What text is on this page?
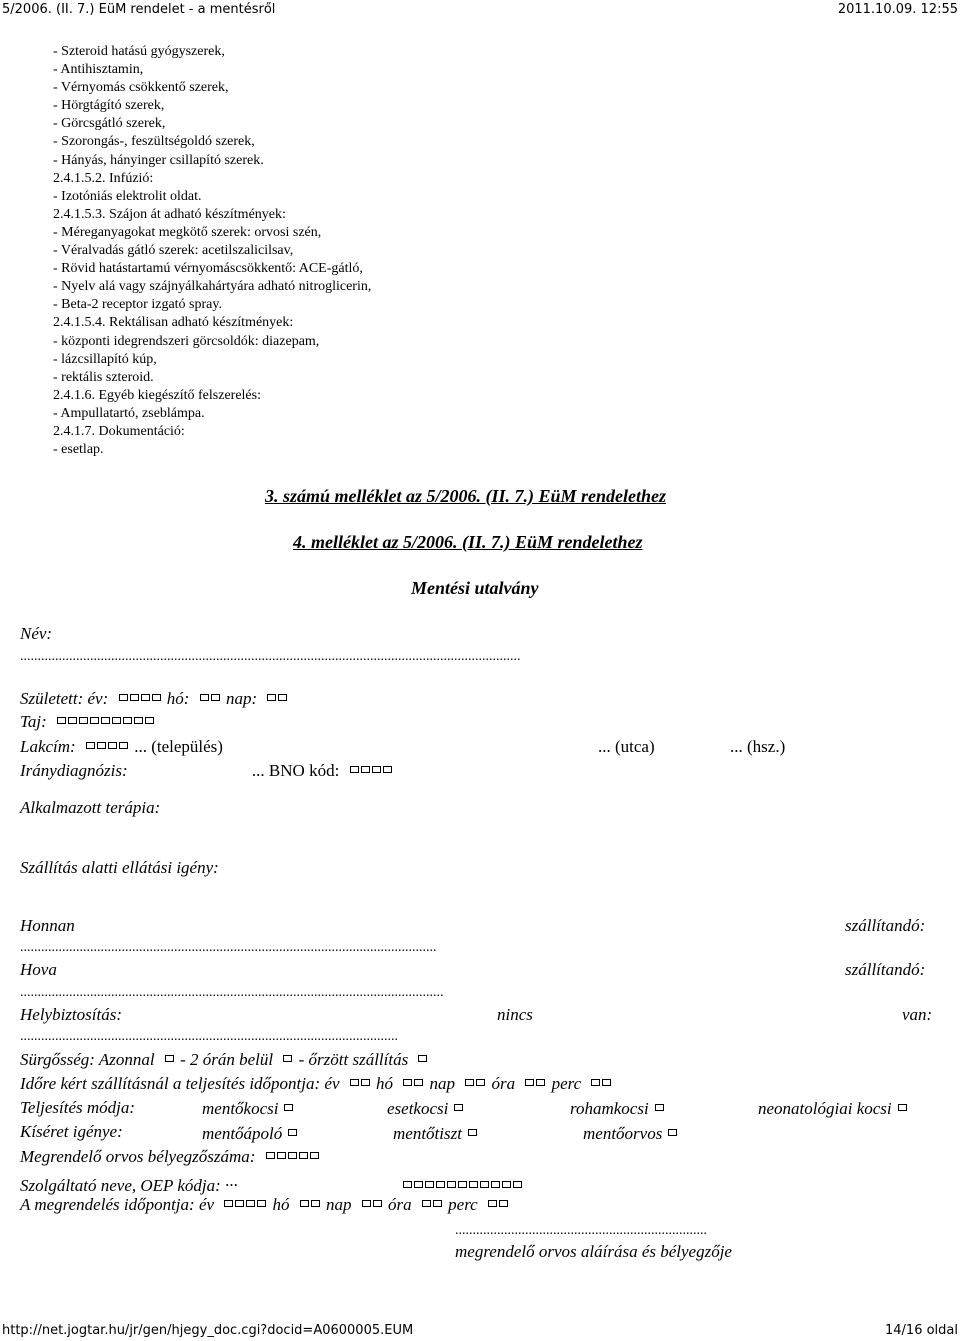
5/2006. (II. 7.) EüM rendelet - a mentésről	2011.10.09. 12:55
- Szteroid hatású gyógyszerek,
- Antihisztamin,
- Vérnyomás csökkentő szerek,
- Hörgtágító szerek,
- Görcsgátló szerek,
- Szorongás-, feszültségoldó szerek,
- Hányás, hányinger csillapító szerek.
2.4.1.5.2. Infúzió:
- Izotóniás elektrolit oldat.
2.4.1.5.3. Szájon át adható készítmények:
- Méreganyagokat megkötő szerek: orvosi szén,
- Véralvadás gátló szerek: acetilszalicilsav,
- Rövid hatástartamú vérnyomáscsökkentő: ACE-gátló,
- Nyelv alá vagy szájnyálkahártyára adható nitroglicerin,
- Beta-2 receptor izgató spray.
2.4.1.5.4. Rektálisan adható készítmények:
- központi idegrendszeri görcsoldók: diazepam,
- lázcsillapító kúp,
- rektális szteroid.
2.4.1.6. Egyéb kiegészítő felszerelés:
- Ampullatartó, zseblámpa.
2.4.1.7. Dokumentáció:
- esetlap.
3. számú melléklet az 5/2006. (II. 7.) EüM rendelethez
4. melléklet az 5/2006. (II. 7.) EüM rendelethez
Mentési utalvány
Név:
...............................................................................................................................................
Született: év:	hó: nap:
Taj:
Lakcím:	... (település)	... (utca)	... (hsz.)
Iránydiagnózis:	... BNO kód:
Alkalmazott terápia:
Szállítás alatti ellátási igény:
Honnan	szállítandó:
.......................................................................................................................
Hova	szállítandó:
.........................................................................................................................
Helybiztosítás:	nincs	van:
............................................................................................................
Sürgősség: Azonnal - 2 órán belül - őrzött szállítás
Időre kért szállításnál a teljesítés időpontja: év hó nap óra perc
Teljesítés módja:	mentőkocsi	esetkocsi	rohamkocsi	neonatológiai kocsi
Kíséret igénye:	mentőápoló	mentőtiszt	mentőorvos
Megrendelő orvos bélyegzőszáma:
Szolgáltató neve, OEP kódja: ...
A megrendelés időpontja: év	hó nap óra perc
........................................................................
megrendelő orvos aláírása és bélyegzője
http://net.jogtar.hu/jr/gen/hjegy_doc.cgi?docid=A0600005.EUM	14/16 oldal
